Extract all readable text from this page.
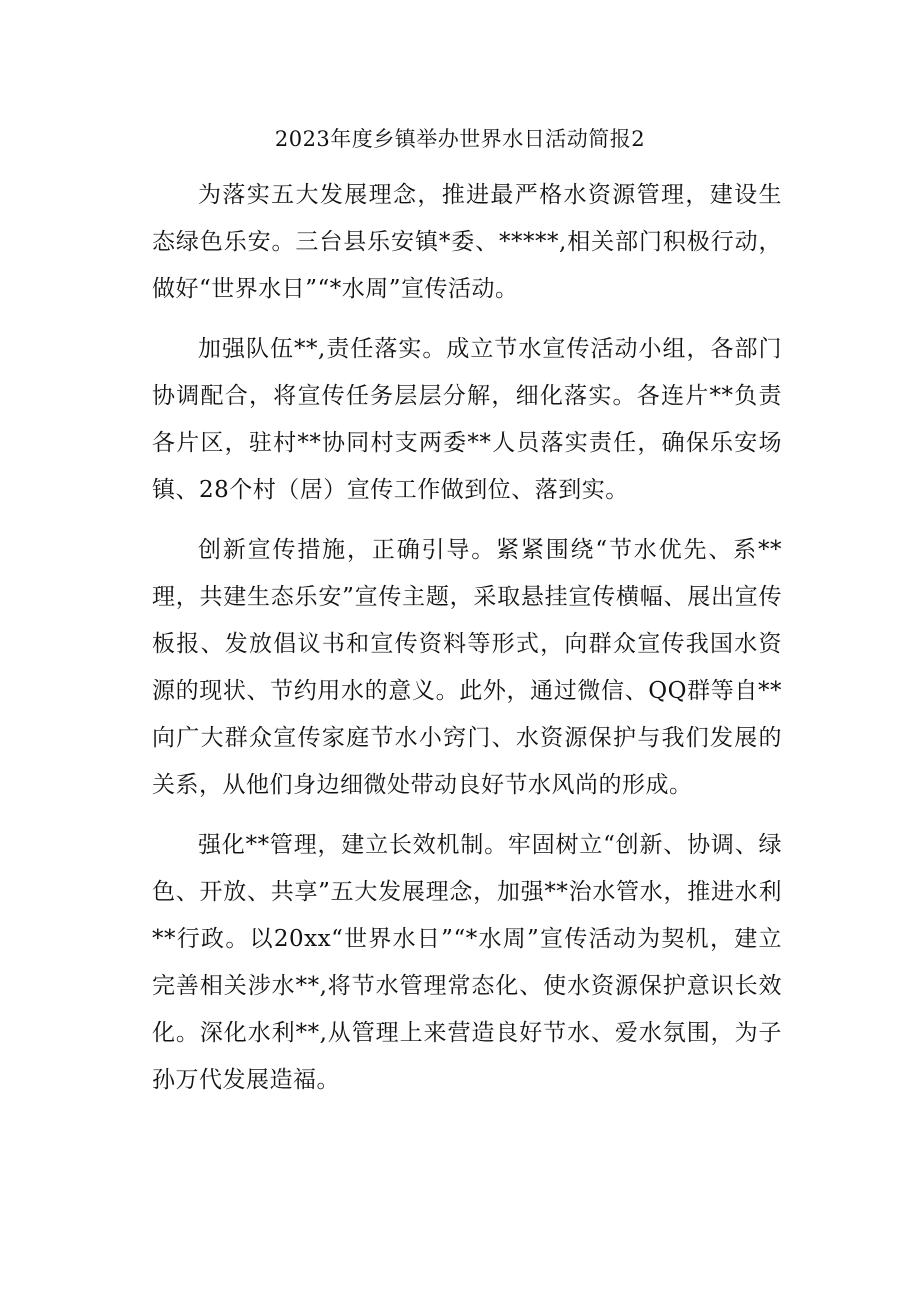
2023年度乡镇举办世界水日活动简报2

为落实五大发展理念，推进最严格水资源管理，建设生态绿色乐安。三台县乐安镇*委、*****,相关部门积极行动，做好“世界水日”“*水周”宣传活动。

加强队伍**,责任落实。成立节水宣传活动小组，各部门协调配合，将宣传任务层层分解，细化落实。各连片**负责各片区，驻村**协同村支两委**人员落实责任，确保乐安场镇、28个村（居）宣传工作做到位、落到实。

创新宣传措施，正确引导。紧紧围绕“节水优先、系**理，共建生态乐安”宣传主题，采取悬挂宣传横幅、展出宣传板报、发放倡议书和宣传资料等形式，向群众宣传我国水资源的现状、节约用水的意义。此外，通过微信、QQ群等自**向广大群众宣传家庭节水小窍门、水资源保护与我们发展的关系，从他们身边细微处带动良好节水风尚的形成。

强化**管理，建立长效机制。牢固树立“创新、协调、绿色、开放、共享”五大发展理念，加强**治水管水，推进水利**行政。以20xx“世界水日”“*水周”宣传活动为契机，建立完善相关涉水**,将节水管理常态化、使水资源保护意识长效化。深化水利**,从管理上来营造良好节水、爱水氛围，为子孙万代发展造福。
